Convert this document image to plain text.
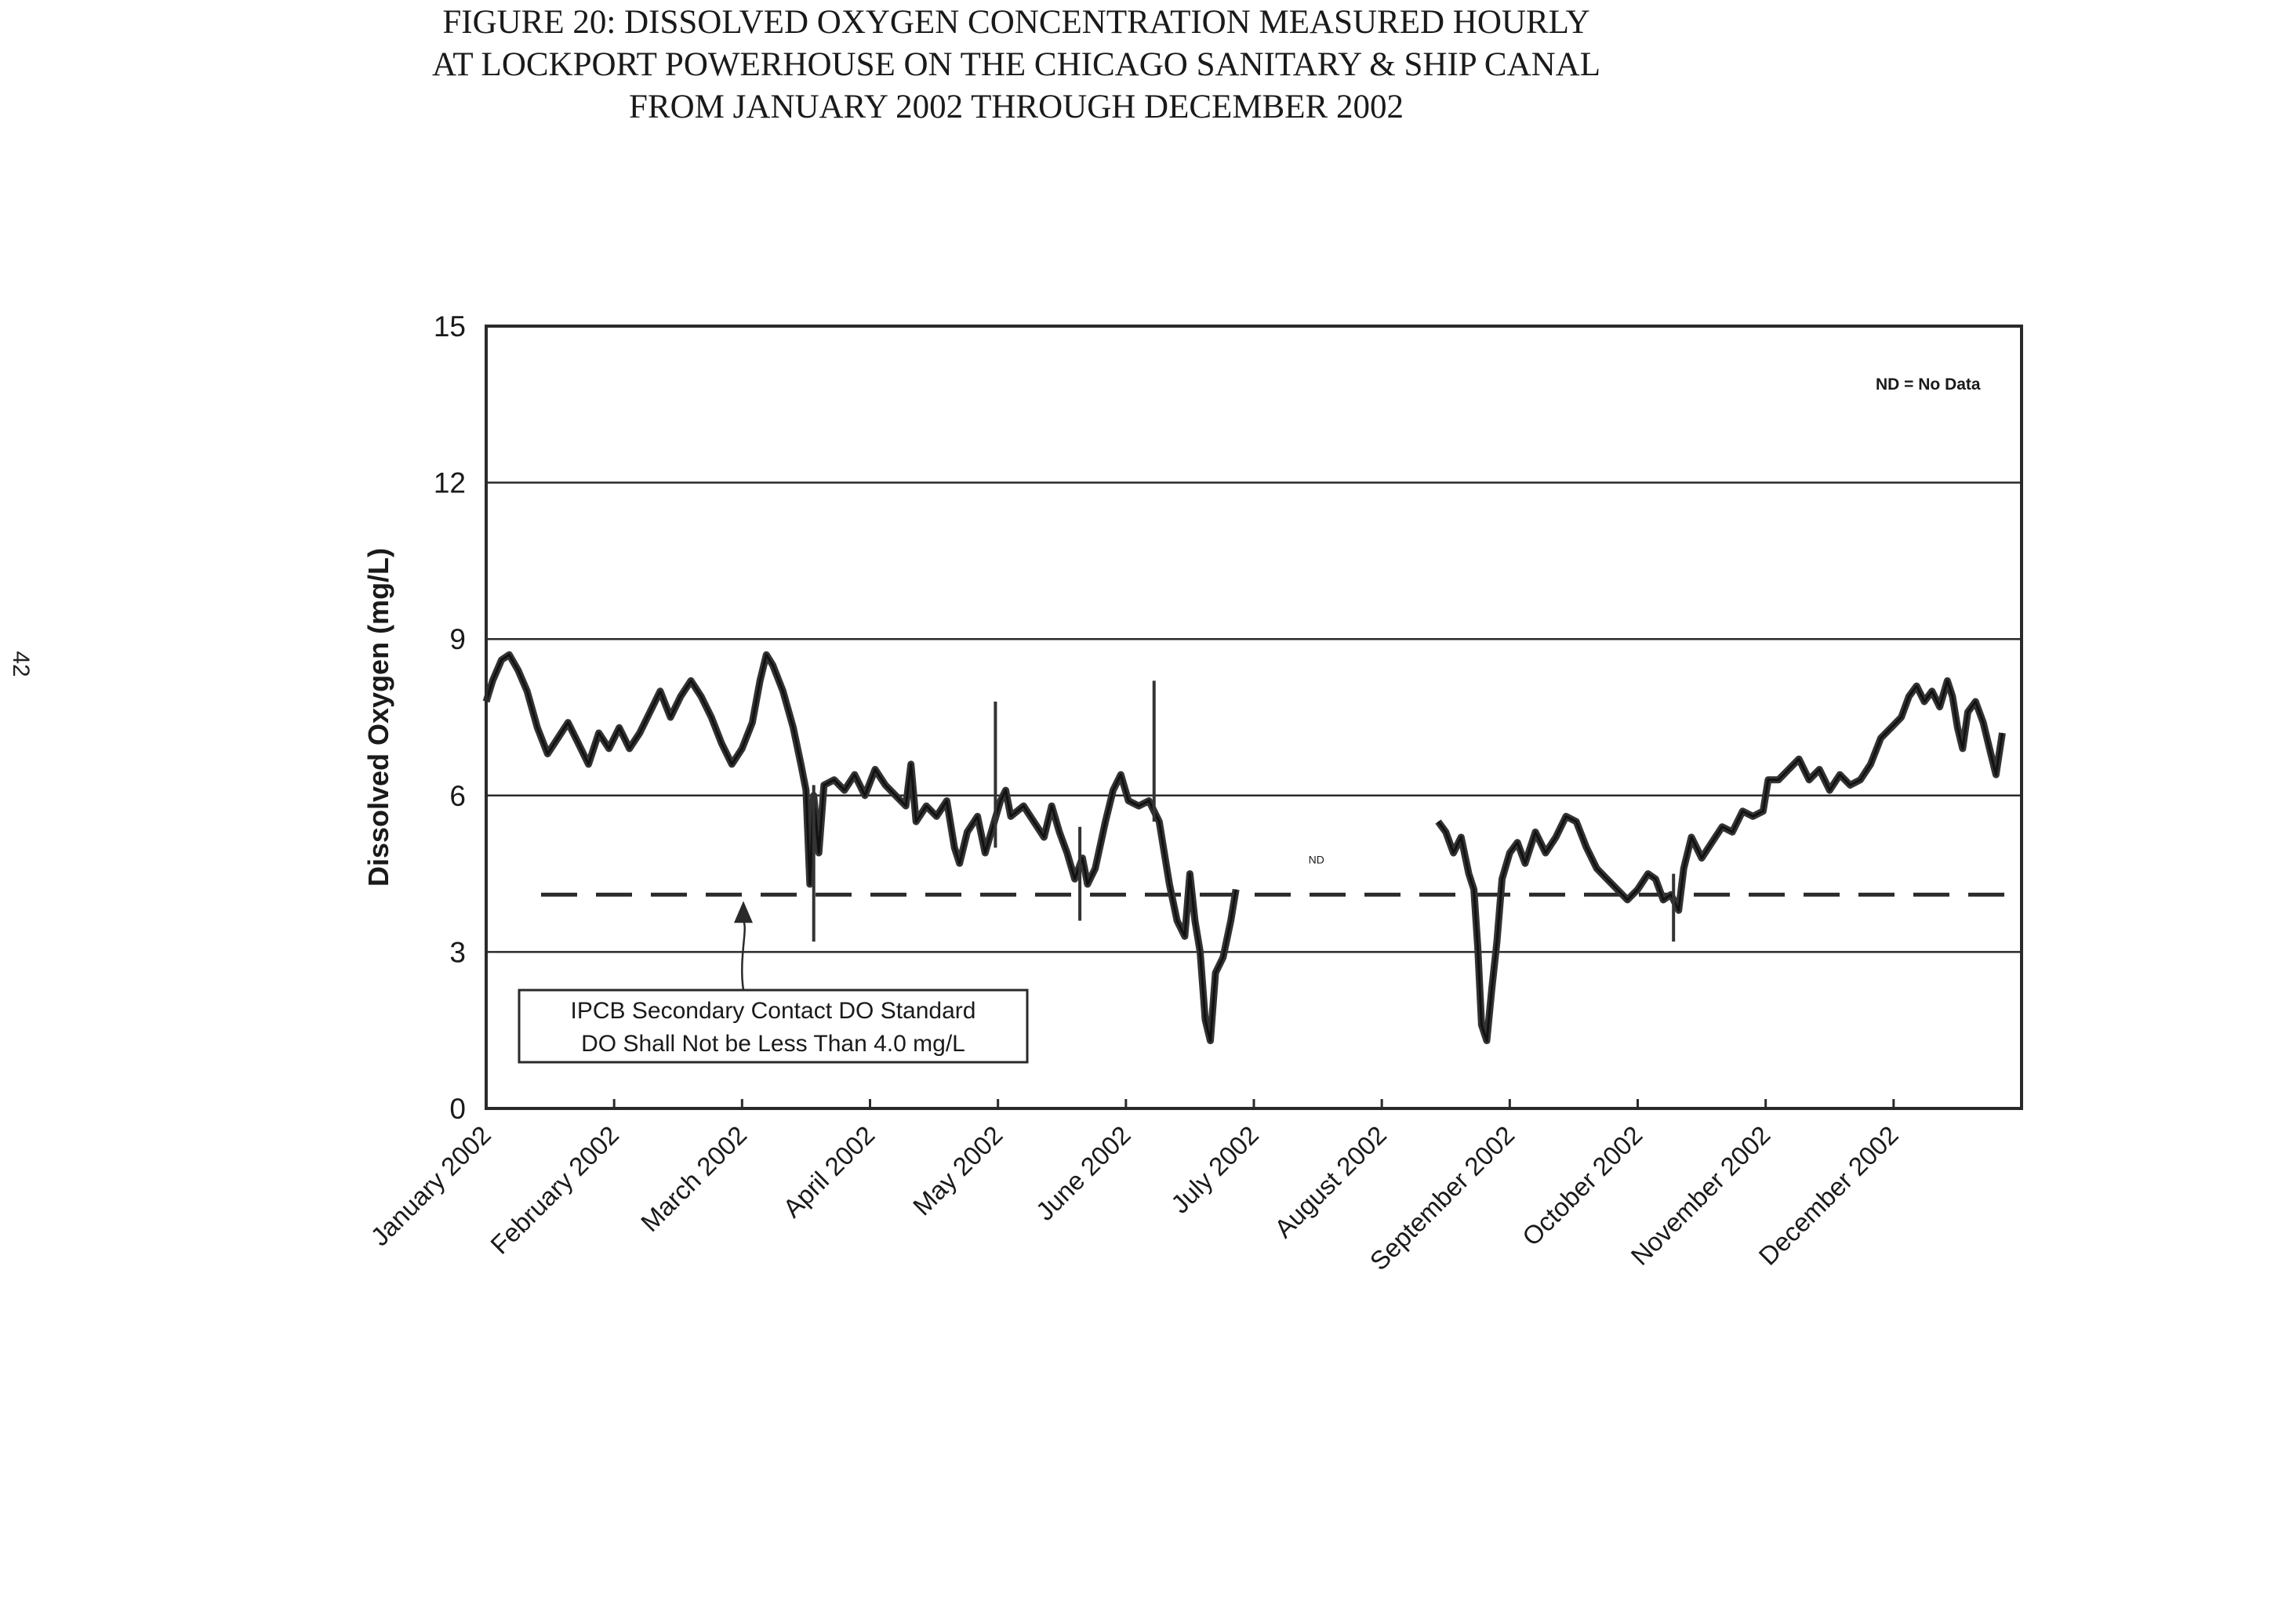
FIGURE 20: DISSOLVED OXYGEN CONCENTRATION MEASURED HOURLY
AT LOCKPORT POWERHOUSE ON THE CHICAGO SANITARY & SHIP CANAL
FROM JANUARY 2002 THROUGH DECEMBER 2002
42
IPCB Secondary Contact DO Standard
DO Shall Not be Less Than 4.0 mg/L
0
3
6
9
12
15
January 2002
February 2002 March 2002 April 2002 May 2002 June 2002 July 2002 August 2002
September 2002
October 2002
November 2002
December 2002
Dissolved Oxygen (mg/L)	ND
ND = No Data
